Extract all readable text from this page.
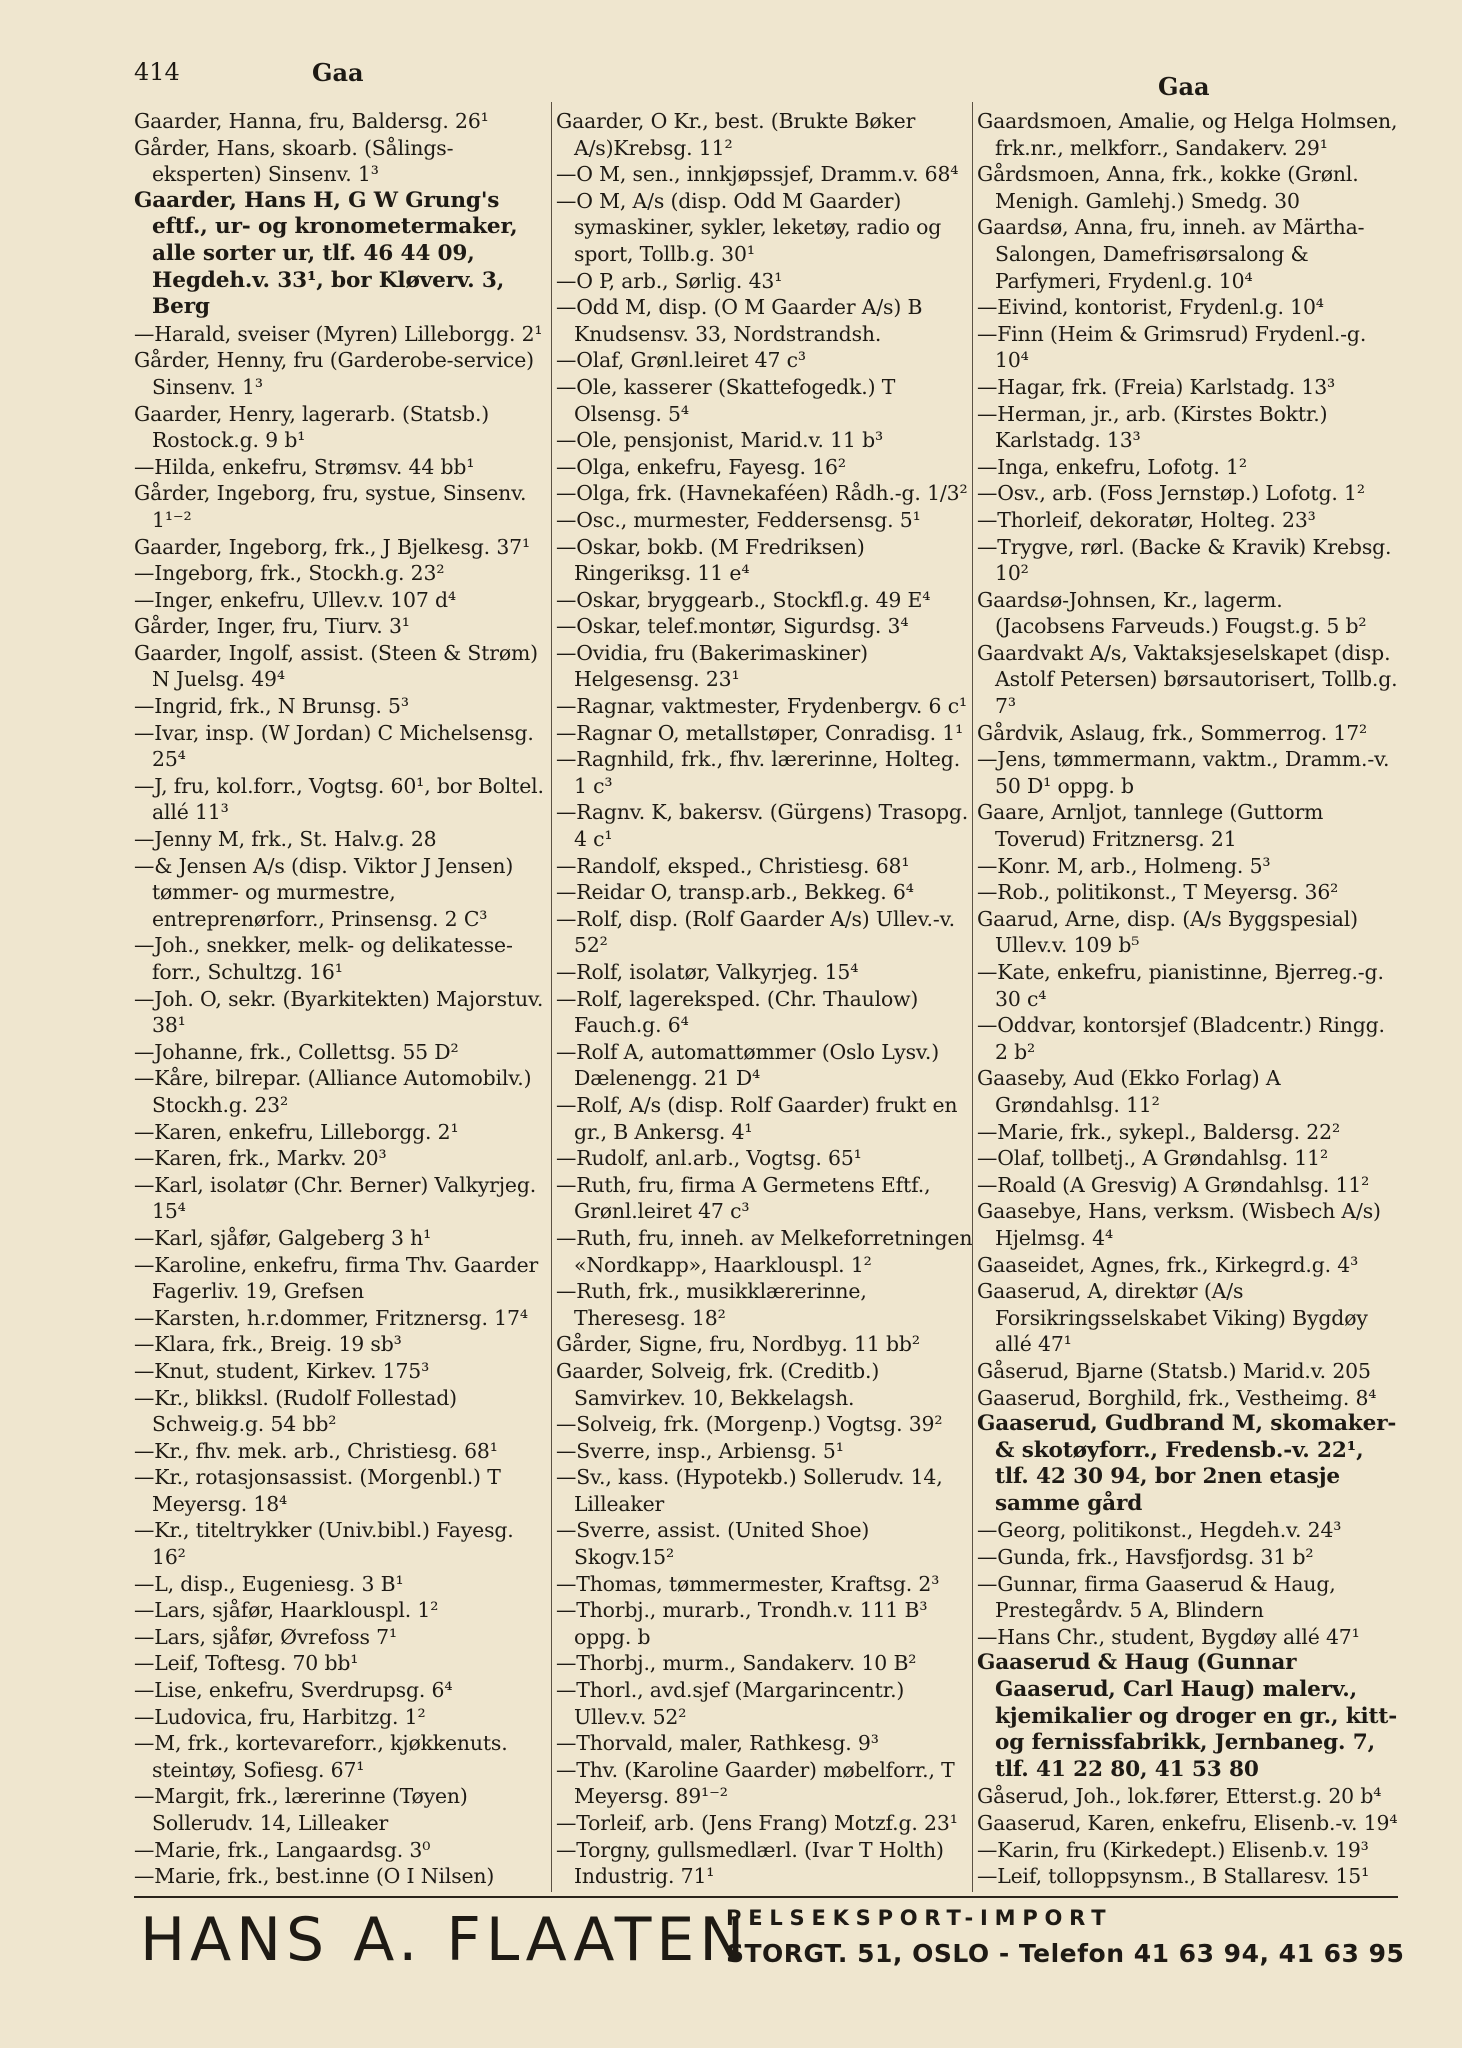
414	Gaa	Gaa
Gaarder, Hanna, fru, Baldersg. 26¹
Gårder, Hans, skoarb. (Sålings-eksperten) Sinsenv. 1³
Gaarder, Hans H, G W Grung's eftf., ur- og kronometermaker, alle sorter ur, tlf. 46 44 09, Hegdeh.v. 33¹, bor Kløverv. 3, Berg
—Harald, sveiser (Myren) Lilleborgg. 2¹
Gårder, Henny, fru (Garderobe-service) Sinsenv. 1³
Gaarder, Henry, lagerarb. (Statsb.) Rostock.g. 9 b¹
—Hilda, enkefru, Strømsv. 44 bb¹
Gårder, Ingeborg, fru, systue, Sinsenv. 1¹⁻²
Gaarder, Ingeborg, frk., J Bjelkesg. 37¹
—Ingeborg, frk., Stockh.g. 23²
—Inger, enkefru, Ullev.v. 107 d⁴
Gårder, Inger, fru, Tiurv. 3¹
Gaarder, Ingolf, assist. (Steen & Strøm) N Juelsg. 49⁴
—Ingrid, frk., N Brunsg. 5³
—Ivar, insp. (W Jordan) C Michelsensg. 25⁴
—J, fru, kol.forr., Vogtsg. 60¹, bor Boltel. allé 11³
—Jenny M, frk., St. Halv.g. 28
—& Jensen A/s (disp. Viktor J Jensen) tømmer- og murmestre, entreprenørforr., Prinsensg. 2 C³
—Joh., snekker, melk- og delikatesse-forr., Schultzg. 16¹
—Joh. O, sekr. (Byarkitekten) Majorstuv. 38¹
—Johanne, frk., Collettsg. 55 D²
—Kåre, bilrepar. (Alliance Automobilv.) Stockh.g. 23²
—Karen, enkefru, Lilleborgg. 2¹
—Karen, frk., Markv. 20³
—Karl, isolatør (Chr. Berner) Valkyrjeg. 15⁴
—Karl, sjåfør, Galgeberg 3 h¹
—Karoline, enkefru, firma Thv. Gaarder Fagerliv. 19, Grefsen
—Karsten, h.r.dommer, Fritznersg. 17⁴
—Klara, frk., Breig. 19 sb³
—Knut, student, Kirkev. 175³
—Kr., blikksl. (Rudolf Follestad) Schweig.g. 54 bb²
—Kr., fhv. mek. arb., Christiesg. 68¹
—Kr., rotasjonsassist. (Morgenbl.) T Meyersg. 18⁴
—Kr., titeltrykker (Univ.bibl.) Fayesg. 16²
—L, disp., Eugeniesg. 3 B¹
—Lars, sjåfør, Haarklouspl. 1²
—Lars, sjåfør, Øvrefoss 7¹
—Leif, Toftesg. 70 bb¹
—Lise, enkefru, Sverdrupsg. 6⁴
—Ludovica, fru, Harbitzg. 1²
—M, frk., kortevareforr., kjøkkenuts. steintøy, Sofiesg. 67¹
—Margit, frk., lærerinne (Tøyen) Sollerudv. 14, Lilleaker
—Marie, frk., Langaardsg. 3⁰
—Marie, frk., best.inne (O I Nilsen)
Gaarder, O Kr., best. (Brukte Bøker A/s)Krebsg. 11²
—O M, sen., innkjøpssjef, Dramm.v. 68⁴
—O M, A/s (disp. Odd M Gaarder) symaskiner, sykler, leketøy, radio og sport, Tollb.g. 30¹
—O P, arb., Sørlig. 43¹
—Odd M, disp. (O M Gaarder A/s) B Knudsensv. 33, Nordstrandsh.
—Olaf, Grønl.leiret 47 c³
—Ole, kasserer (Skattefogedk.) T Olsensg. 5⁴
—Ole, pensjonist, Marid.v. 11 b³
—Olga, enkefru, Fayesg. 16²
—Olga, frk. (Havnekaféen) Rådh.-g. 1/3²
—Osc., murmester, Feddersensg. 5¹
—Oskar, bokb. (M Fredriksen) Ringeriksg. 11 e⁴
—Oskar, bryggearb., Stockfl.g. 49 E⁴
—Oskar, telef.montør, Sigurdsg. 3⁴
—Ovidia, fru (Bakerimaskiner) Helgesensg. 23¹
—Ragnar, vaktmester, Frydenbergv. 6 c¹
—Ragnar O, metallstøper, Conradisg. 1¹
—Ragnhild, frk., fhv. lærerinne, Holteg. 1 c³
—Ragnv. K, bakersv. (Gürgens) Trasopg. 4 c¹
—Randolf, eksped., Christiesg. 68¹
—Reidar O, transp.arb., Bekkeg. 6⁴
—Rolf, disp. (Rolf Gaarder A/s) Ullev.-v. 52²
—Rolf, isolatør, Valkyrjeg. 15⁴
—Rolf, lagereksped. (Chr. Thaulow) Fauch.g. 6⁴
—Rolf A, automattømmer (Oslo Lysv.) Dælenengg. 21 D⁴
—Rolf, A/s (disp. Rolf Gaarder) frukt en gr., B Ankersg. 4¹
—Rudolf, anl.arb., Vogtsg. 65¹
—Ruth, fru, firma A Germetens Eftf., Grønl.leiret 47 c³
—Ruth, fru, inneh. av Melkeforretningen «Nordkapp», Haarklouspl. 1²
—Ruth, frk., musikklærerinne, Theresesg. 18²
Gårder, Signe, fru, Nordbyg. 11 bb²
Gaarder, Solveig, frk. (Creditb.) Samvirkev. 10, Bekkelagsh.
—Solveig, frk. (Morgenp.) Vogtsg. 39²
—Sverre, insp., Arbiensg. 5¹
—Sv., kass. (Hypotekb.) Sollerudv. 14, Lilleaker
—Sverre, assist. (United Shoe) Skogv.15²
—Thomas, tømmermester, Kraftsg. 2³
—Thorbj., murarb., Trondh.v. 111 B³ oppg. b
—Thorbj., murm., Sandakerv. 10 B²
—Thorl., avd.sjef (Margarincentr.) Ullev.v. 52²
—Thorvald, maler, Rathkesg. 9³
—Thv. (Karoline Gaarder) møbelforr., T Meyersg. 89¹⁻²
—Torleif, arb. (Jens Frang) Motzf.g. 23¹
—Torgny, gullsmedlærl. (Ivar T Holth) Industrig. 71¹
Gaardsmoen, Amalie, og Helga Holmsen, frk.nr., melkforr., Sandakerv. 29¹
Gårdsmoen, Anna, frk., kokke (Grønl. Menigh. Gamlehj.) Smedg. 30
Gaardsø, Anna, fru, inneh. av Märtha-Salongen, Damefrisørsalong & Parfymeri, Frydenl.g. 10⁴
—Eivind, kontorist, Frydenl.g. 10⁴
—Finn (Heim & Grimsrud) Frydenl.-g. 10⁴
—Hagar, frk. (Freia) Karlstadg. 13³
—Herman, jr., arb. (Kirstes Boktr.) Karlstadg. 13³
—Inga, enkefru, Lofotg. 1²
—Osv., arb. (Foss Jernstøp.) Lofotg. 1²
—Thorleif, dekoratør, Holteg. 23³
—Trygve, rørl. (Backe & Kravik) Krebsg. 10²
Gaardsø-Johnsen, Kr., lagerm. (Jacobsens Farveuds.) Fougst.g. 5 b²
Gaardvakt A/s, Vaktaksjeselskapet (disp. Astolf Petersen) børsautorisert, Tollb.g. 7³
Gårdvik, Aslaug, frk., Sommerrog. 17²
—Jens, tømmermann, vaktm., Dramm.-v. 50 D¹ oppg. b
Gaare, Arnljot, tannlege (Guttorm Toverud) Fritznersg. 21
—Konr. M, arb., Holmeng. 5³
—Rob., politikonst., T Meyersg. 36²
Gaarud, Arne, disp. (A/s Byggspesial) Ullev.v. 109 b⁵
—Kate, enkefru, pianistinne, Bjerreg.-g. 30 c⁴
—Oddvar, kontorsjef (Bladcentr.) Ringg. 2 b²
Gaaseby, Aud (Ekko Forlag) A Grøndahlsg. 11²
—Marie, frk., sykepl., Baldersg. 22²
—Olaf, tollbetj., A Grøndahlsg. 11²
—Roald (A Gresvig) A Grøndahlsg. 11²
Gaasebye, Hans, verksm. (Wisbech A/s) Hjelmsg. 4⁴
Gaaseidet, Agnes, frk., Kirkegrd.g. 4³
Gaaserud, A, direktør (A/s Forsikringsselskabet Viking) Bygdøy allé 47¹
Gåserud, Bjarne (Statsb.) Marid.v. 205
Gaaserud, Borghild, frk., Vestheimg. 8⁴
Gaaserud, Gudbrand M, skomaker- & skotøyforr., Fredensb.-v. 22¹, tlf. 42 30 94, bor 2nen etasje samme gård
—Georg, politikonst., Hegdeh.v. 24³
—Gunda, frk., Havsfjordsg. 31 b²
—Gunnar, firma Gaaserud & Haug, Prestegårdv. 5 A, Blindern
—Hans Chr., student, Bygdøy allé 47¹
Gaaserud & Haug (Gunnar Gaaserud, Carl Haug) malerv., kjemikalier og droger en gr., kitt- og fernissfabrikk, Jernbaneg. 7, tlf. 41 22 80, 41 53 80
Gåserud, Joh., lok.fører, Etterst.g. 20 b⁴
Gaaserud, Karen, enkefru, Elisenb.-v. 19⁴
—Karin, fru (Kirkedept.) Elisenb.v. 19³
—Leif, tolloppsynsm., B Stallaresv. 15¹
HANS A. FLAATEN
PELSEKSPORT-IMPORT
STORGT. 51, OSLO - Telefon 41 63 94, 41 63 95
